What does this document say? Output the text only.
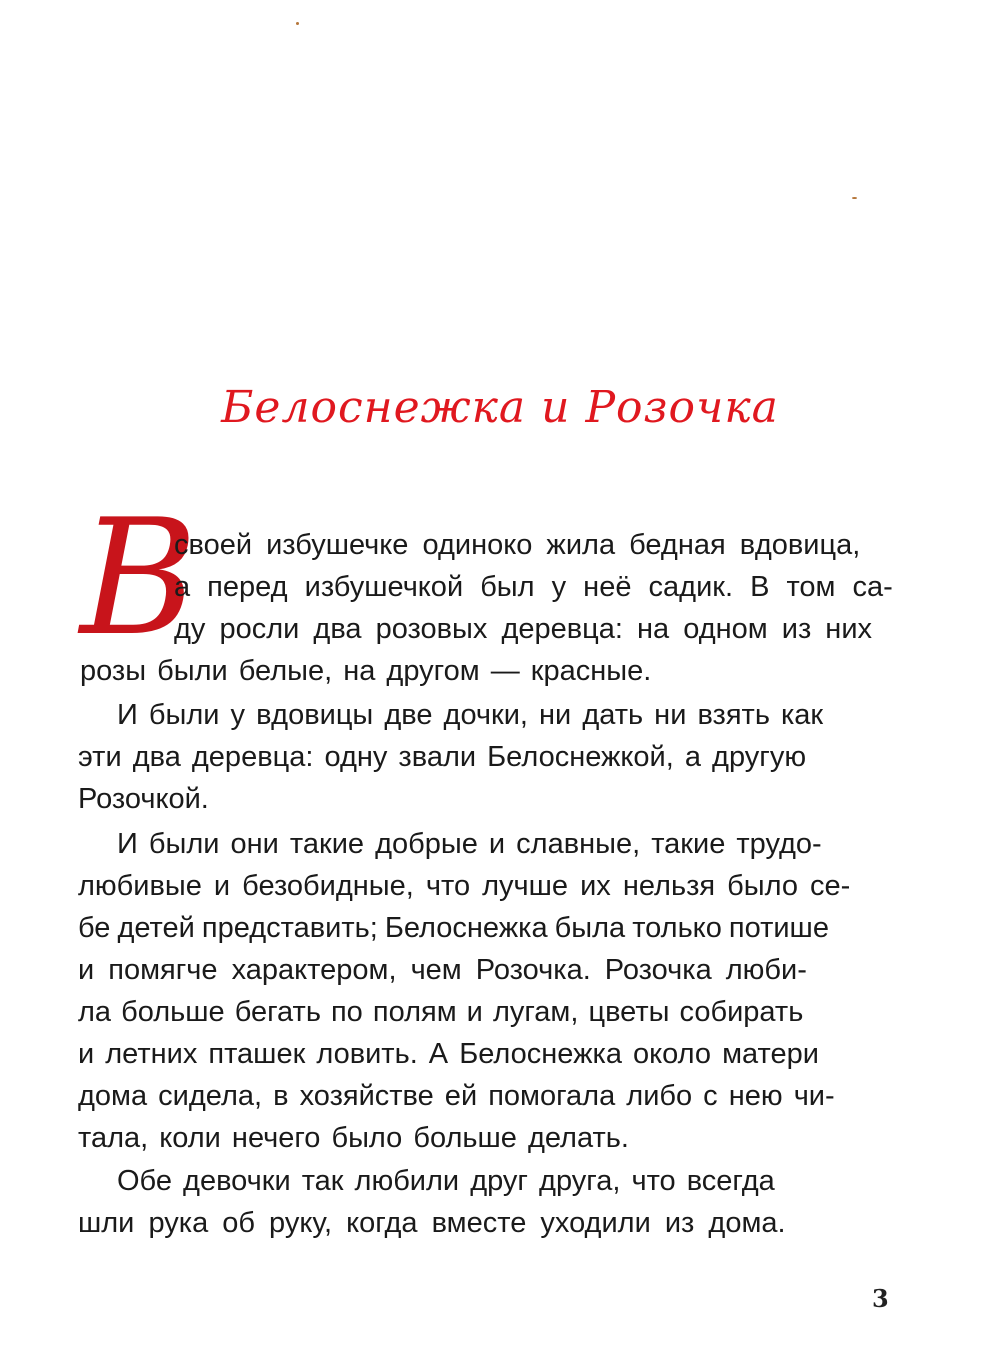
Белоснежка и Розочка
В
своей избушечке одиноко жила бедная вдовица,
а перед избушечкой был у неё садик. В том са-
ду росли два розовых деревца: на одном из них
розы были белые, на другом — красные.
И были у вдовицы две дочки, ни дать ни взять как
эти два деревца: одну звали Белоснежкой, а другую
Розочкой.
И были они такие добрые и славные, такие трудо-
любивые и безобидные, что лучше их нельзя было се-
бе детей представить; Белоснежка была только потише
и помягче характером, чем Розочка. Розочка люби-
ла больше бегать по полям и лугам, цветы собирать
и летних пташек ловить. А Белоснежка около матери
дома сидела, в хозяйстве ей помогала либо с нею чи-
тала, коли нечего было больше делать.
Обе девочки так любили друг друга, что всегда
шли рука об руку, когда вместе уходили из дома.
3
